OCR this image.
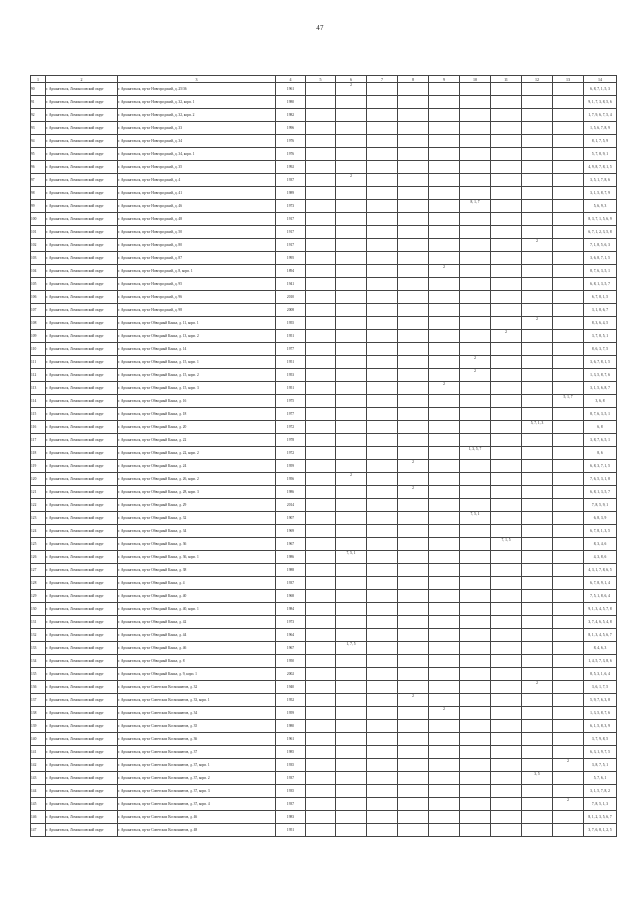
47
1	2	3	4	5	6	7	8	9	10	11	12	13	14
90	г. Архангельск, Ломоносовский округ	г. Архангельск, пр-кт Новгородский, д. 25/36	1961		2								6, 8, 7, 1, 5, 3
91	г. Архангельск, Ломоносовский округ	г. Архангельск, пр-кт Новгородский, д. 32, корп. 1	1980										9, 1, 7, 3, 8, 5, 6
92	г. Архангельск, Ломоносовский округ	г. Архангельск, пр-кт Новгородский, д. 32, корп. 2	1982										1, 7, 9, 6, 7, 5, 4
93	г. Архангельск, Ломоносовский округ	г. Архангельск, пр-кт Новгородский, д. 33	1996										1, 5, 6, 7, 8, 9
94	г. Архангельск, Ломоносовский округ	г. Архангельск, пр-кт Новгородский, д. 34	1976										8, 1, 7, 5, 9
95	г. Архангельск, Ломоносовский округ	г. Архангельск, пр-кт Новгородский, д. 34, корп. 1	1976										5, 7, 8, 9, 1
96	г. Архангельск, Ломоносовский округ	г. Архангельск, пр-кт Новгородский, д. 35	1992										4, 9, 8, 7, 8, 1, 5
97	г. Архангельск, Ломоносовский округ	г. Архангельск, пр-кт Новгородский, д. 4	1937		2								3, 5, 1, 7, 8, 6
98	г. Архангельск, Ломоносовский округ	г. Архангельск, пр-кт Новгородский, д. 41	1989										3, 1, 5, 8, 7, 9
99	г. Архангельск, Ломоносовский округ	г. Архангельск, пр-кт Новгородский, д. 46	1973						8, 1, 7				5, 6, 9, 3
100	г. Архангельск, Ломоносовский округ	г. Архангельск, пр-кт Новгородский, д. 48	1917										8, 3, 7, 1, 5, 6, 9
101	г. Архангельск, Ломоносовский округ	г. Архангельск, пр-кт Новгородский, д. 50	1917										6, 7, 1, 2, 3, 5, 8
102	г. Архангельск, Ломоносовский округ	г. Архангельск, пр-кт Новгородский, д. 80	1917								2		7, 1, 8, 5, 6, 3
103	г. Архангельск, Ломоносовский округ	г. Архангельск, пр-кт Новгородский, д. 87	1995										3, 6, 8, 7, 1, 5
104	г. Архангельск, Ломоносовский округ	г. Архангельск, пр-кт Новгородский, д. 8, корп. 1	1894					2					8, 7, 6, 3, 5, 1
105	г. Архангельск, Ломоносовский округ	г. Архангельск, пр-кт Новгородский, д. 95	1941										6, 8, 1, 3, 5, 7
106	г. Архангельск, Ломоносовский округ	г. Архангельск, пр-кт Новгородский, д. 96	2010										6, 7, 8, 1, 5
107	г. Архангельск, Ломоносовский округ	г. Архангельск, пр-кт Новгородский, д. 98	2008										3, 1, 8, 6, 7
108	г. Архангельск, Ломоносовский округ	г. Архангельск, пр-кт Обводный Канал, д. 11, корп. 1	1955								2		8, 3, 6, 4, 5
109	г. Архангельск, Ломоносовский округ	г. Архангельск, пр-кт Обводный Канал, д. 13, корп. 2	1951							2			3, 7, 8, 5, 1
110	г. Архангельск, Ломоносовский округ	г. Архангельск, пр-кт Обводный Канал, д. 14	1977										8, 6, 3, 7, 5
111	г. Архангельск, Ломоносовский округ	г. Архангельск, пр-кт Обводный Канал, д. 15, корп. 1	1951						2				3, 6, 7, 8, 1, 5
112	г. Архангельск, Ломоносовский округ	г. Архангельск, пр-кт Обводный Канал, д. 15, корп. 2	1953						2				1, 3, 5, 8, 7, 6
113	г. Архангельск, Ломоносовский округ	г. Архангельск, пр-кт Обводный Канал, д. 15, корп. 3	1951					2					3, 1, 5, 6, 8, 7
114	г. Архангельск, Ломоносовский округ	г. Архангельск, пр-кт Обводный Канал, д. 16	1975									5, 1, 7	3, 6, 8
115	г. Архангельск, Ломоносовский округ	г. Архангельск, пр-кт Обводный Канал, д. 18	1977										8, 7, 6, 3, 5, 1
116	г. Архангельск, Ломоносовский округ	г. Архангельск, пр-кт Обводный Канал, д. 20	1972								5, 7, 1, 3		6, 8
117	г. Архангельск, Ломоносовский округ	г. Архангельск, пр-кт Обводный Канал, д. 22	1978										3, 8, 7, 6, 5, 1
118	г. Архангельск, Ломоносовский округ	г. Архангельск, пр-кт Обводный Канал, д. 22, корп. 2	1972						1, 3, 5, 7				8, 6
119	г. Архангельск, Ломоносовский округ	г. Архангельск, пр-кт Обводный Канал, д. 24	1959				2						6, 8, 3, 7, 1, 5
120	г. Архангельск, Ломоносовский округ	г. Архангельск, пр-кт Обводный Канал, д. 26, корп. 2	1956		2								7, 6, 5, 3, 1, 8
121	г. Архангельск, Ломоносовский округ	г. Архангельск, пр-кт Обводный Канал, д. 28, корп. 3	1986				2						6, 8, 1, 3, 5, 7
122	г. Архангельск, Ломоносовский округ	г. Архангельск, пр-кт Обводный Канал, д. 29	2014										7, 8, 5, 9, 1
123	г. Архангельск, Ломоносовский округ	г. Архангельск, пр-кт Обводный Канал, д. 32	1907						7, 5, 1				6, 8, 3, 9
124	г. Архангельск, Ломоносовский округ	г. Архангельск, пр-кт Обводный Канал, д. 34	1969										6, 7, 8, 1, 3, 5
125	г. Архангельск, Ломоносовский округ	г. Архангельск, пр-кт Обводный Канал, д. 36	1967							7, 1, 5			8, 3, 4, 6
126	г. Архангельск, Ломоносовский округ	г. Архангельск, пр-кт Обводный Канал, д. 36, корп. 1	1986		7, 5, 1								4, 3, 8, 6
127	г. Архангельск, Ломоносовский округ	г. Архангельск, пр-кт Обводный Канал, д. 38	1988										4, 3, 1, 7, 8, 6, 5
128	г. Архангельск, Ломоносовский округ	г. Архангельск, пр-кт Обводный Канал, д. 4	1937										6, 7, 8, 9, 1, 4
129	г. Архангельск, Ломоносовский округ	г. Архангельск, пр-кт Обводный Канал, д. 40	1968										7, 5, 1, 8, 6, 4
130	г. Архангельск, Ломоносовский округ	г. Архангельск, пр-кт Обводный Канал, д. 40, корп. 1	1984										9, 1, 3, 4, 5, 7, 8
131	г. Архангельск, Ломоносовский округ	г. Архангельск, пр-кт Обводный Канал, д. 42	1973										3, 7, 4, 6, 5, 4, 8
132	г. Архангельск, Ломоносовский округ	г. Архангельск, пр-кт Обводный Канал, д. 44	1964										8, 1, 3, 4, 5, 6, 7
133	г. Архангельск, Ломоносовский округ	г. Архангельск, пр-кт Обводный Канал, д. 46	1967		1, 7, 5								8, 4, 6, 3
134	г. Архангельск, Ломоносовский округ	г. Архангельск, пр-кт Обводный Канал, д. 8	1950										1, 4, 5, 7, 3, 8, 6
135	г. Архангельск, Ломоносовский округ	г. Архангельск, пр-кт Обводный Канал, д. 9, корп. 1	2002										8, 5, 3, 1, 6, 4
136	г. Архангельск, Ломоносовский округ	г. Архангельск, пр-кт Советских Космонавтов, д. 32	1940								2		3, 6, 1, 7, 5
137	г. Архангельск, Ломоносовский округ	г. Архангельск, пр-кт Советских Космонавтов, д. 33, корп. 1	1952				2						5, 9, 7, 6, 3, 8
138	г. Архангельск, Ломоносовский округ	г. Архангельск, пр-кт Советских Космонавтов, д. 34	1959					2					1, 3, 5, 8, 7, 6
139	г. Архангельск, Ломоносовский округ	г. Архангельск, пр-кт Советских Космонавтов, д. 35	1980										6, 1, 5, 8, 3, 9
140	г. Архангельск, Ломоносовский округ	г. Архангельск, пр-кт Советских Космонавтов, д. 36	1961										3, 7, 9, 8, 5
141	г. Архангельск, Ломоносовский округ	г. Архангельск, пр-кт Советских Космонавтов, д. 37	1985										6, 3, 1, 9, 7, 5
142	г. Архангельск, Ломоносовский округ	г. Архангельск, пр-кт Советских Космонавтов, д. 37, корп. 1	1935									2	3, 8, 7, 5, 1
143	г. Архангельск, Ломоносовский округ	г. Архангельск, пр-кт Советских Космонавтов, д. 37, корп. 2	1937								3, 5		5, 7, 6, 1
144	г. Архангельск, Ломоносовский округ	г. Архангельск, пр-кт Советских Космонавтов, д. 37, корп. 3	1935										3, 1, 5, 7, 8, 2
145	г. Архангельск, Ломоносовский округ	г. Архангельск, пр-кт Советских Космонавтов, д. 37, корп. 4	1937									2	7, 8, 5, 1, 3
146	г. Архангельск, Ломоносовский округ	г. Архангельск, пр-кт Советских Космонавтов, д. 46	1983										8, 1, 2, 3, 5, 6, 7
147	г. Архангельск, Ломоносовский округ	г. Архангельск, пр-кт Советских Космонавтов, д. 48	1951										3, 7, 6, 8, 1, 2, 5
